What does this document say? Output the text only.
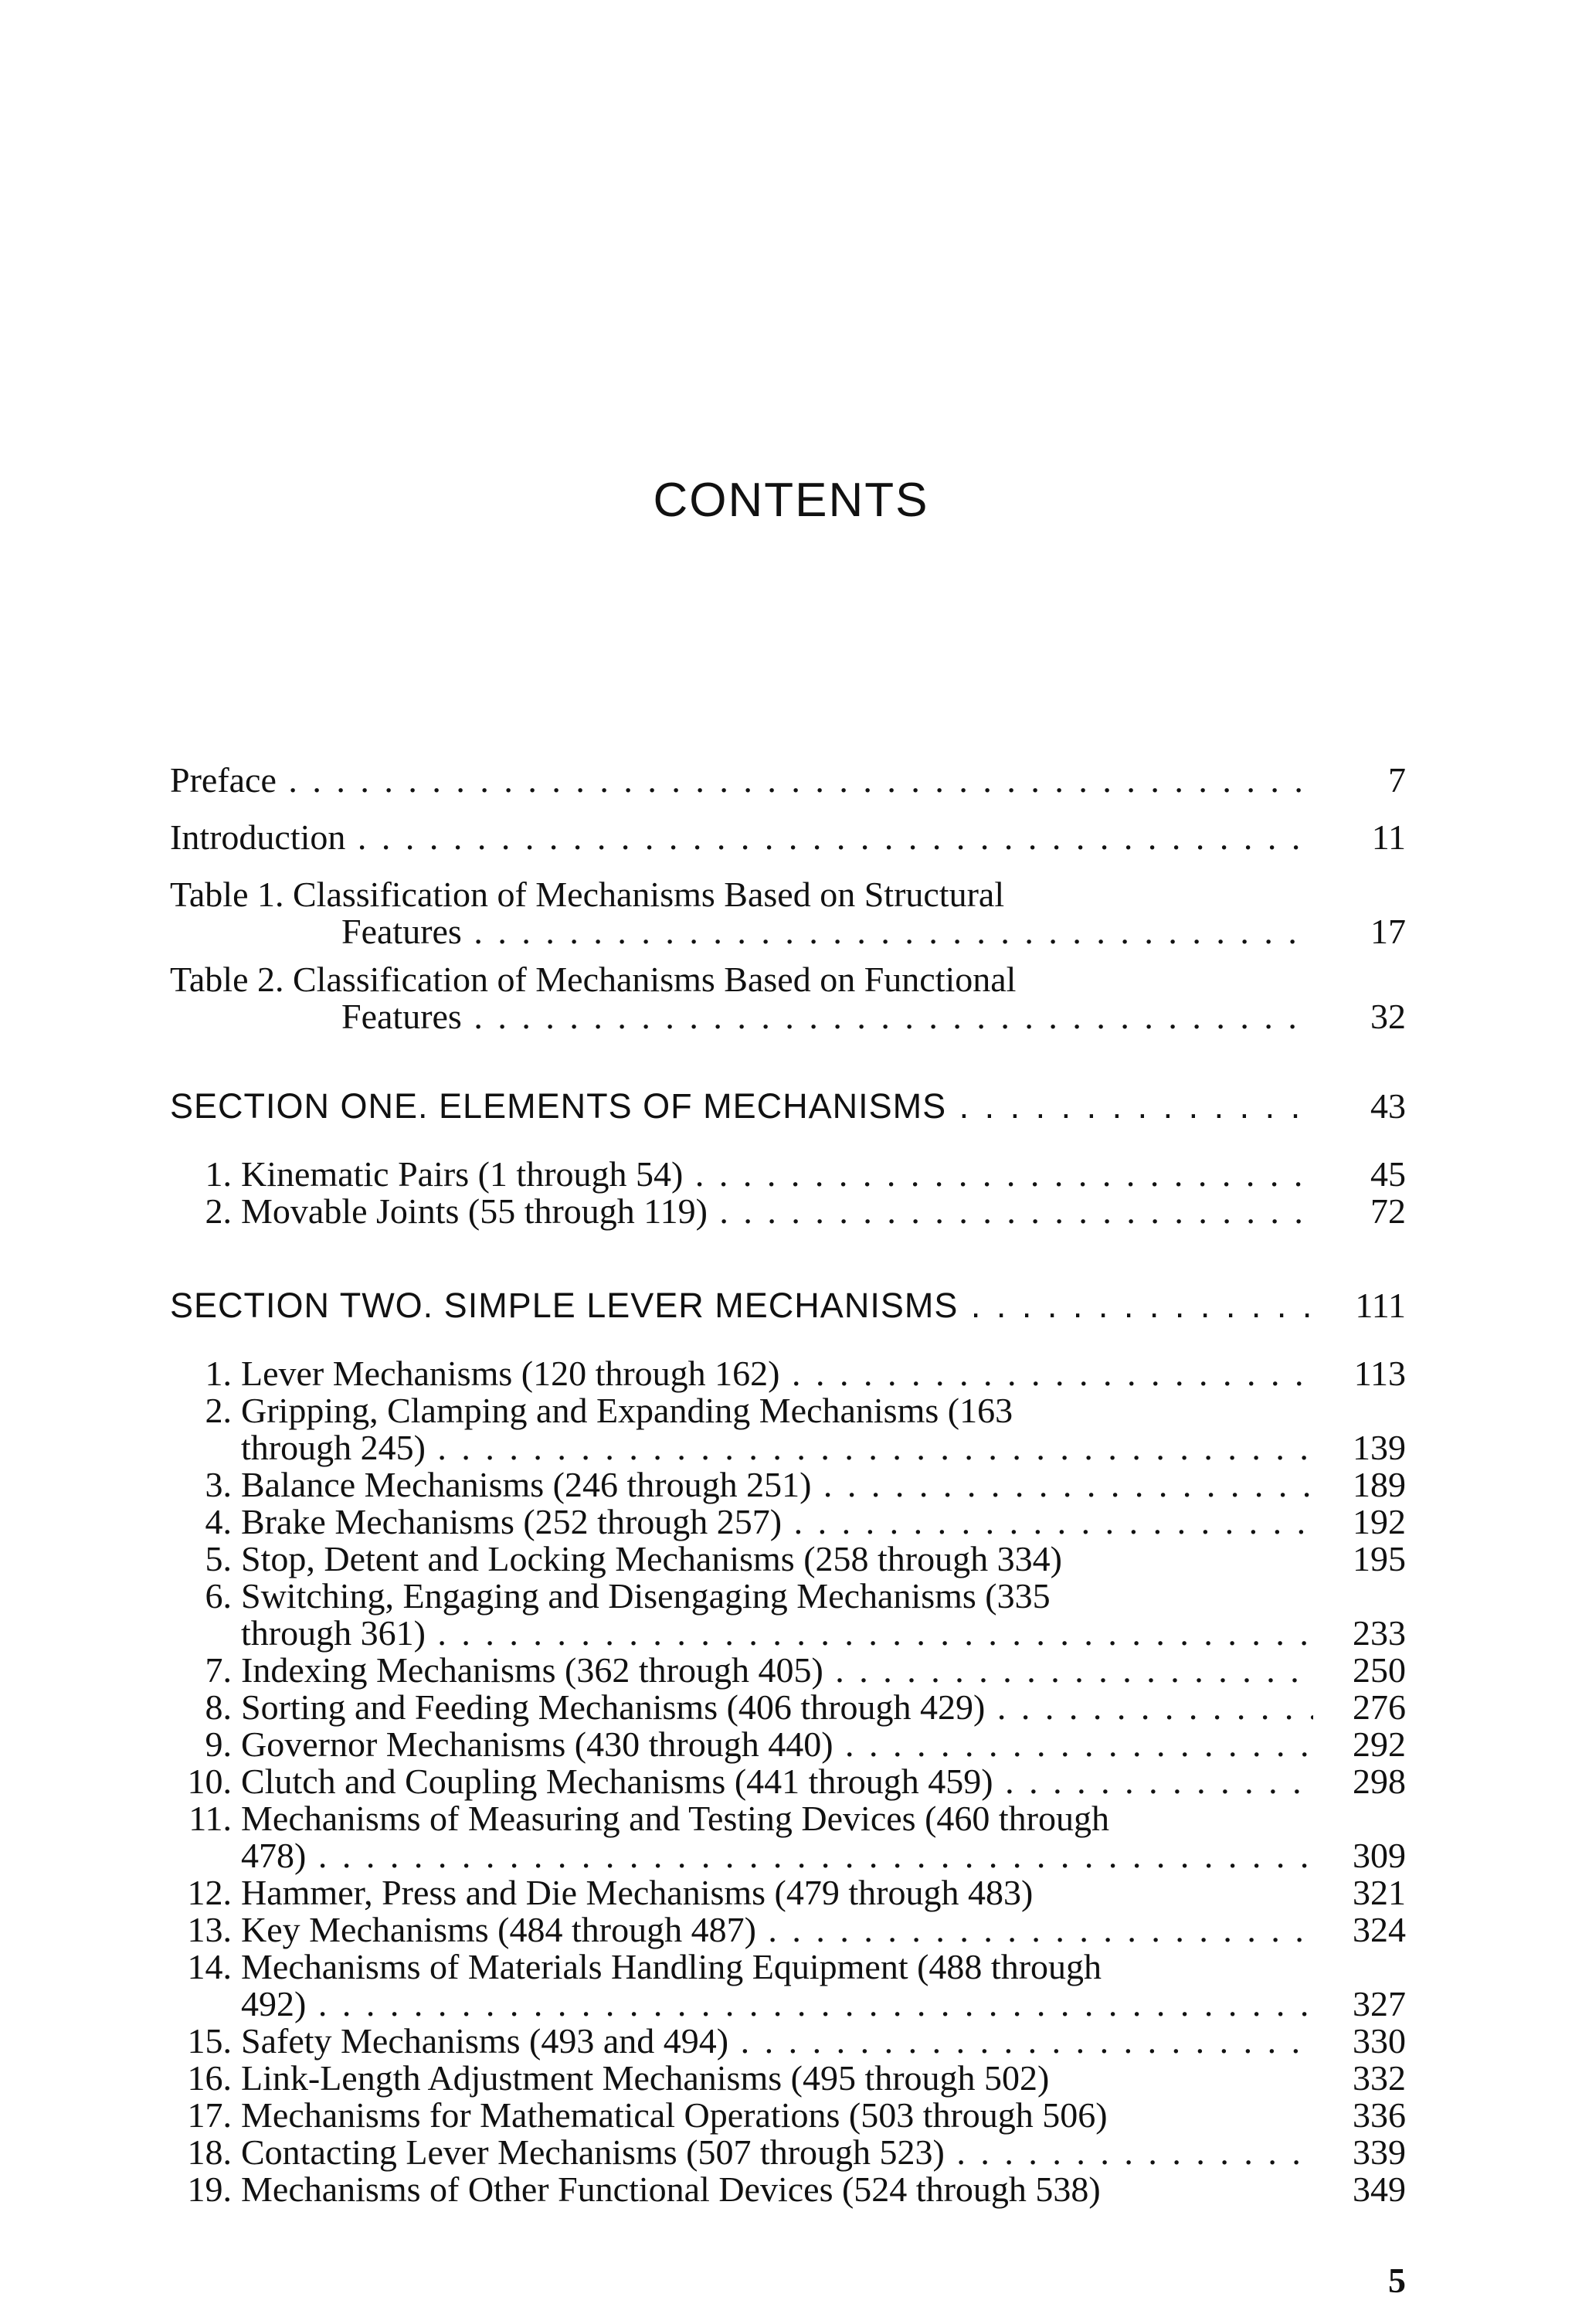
CONTENTS
Preface . . .	7
Introduction . . .	11
Table 1. Classification of Mechanisms Based on Structural
Features . . .	17
Table 2. Classification of Mechanisms Based on Functional
Features . . .	32
SECTION ONE. ELEMENTS OF MECHANISMS . . .	43
1. Kinematic Pairs (1 through 54) . . .	45
2. Movable Joints (55 through 119) . . .	72
SECTION TWO. SIMPLE LEVER MECHANISMS . . .	111
1. Lever Mechanisms (120 through 162) . . .	113
2. Gripping, Clamping and Expanding Mechanisms (163
through 245) . . .	139
3. Balance Mechanisms (246 through 251) . . .	189
4. Brake Mechanisms (252 through 257) . . .	192
5. Stop, Detent and Locking Mechanisms (258 through 334)	195
6. Switching, Engaging and Disengaging Mechanisms (335
through 361) . . .	233
7. Indexing Mechanisms (362 through 405) . . .	250
8. Sorting and Feeding Mechanisms (406 through 429) . . .	276
9. Governor Mechanisms (430 through 440) . . .	292
10. Clutch and Coupling Mechanisms (441 through 459) . . .	298
11. Mechanisms of Measuring and Testing Devices (460 through
478) . . .	309
12. Hammer, Press and Die Mechanisms (479 through 483)	321
13. Key Mechanisms (484 through 487) . . .	324
14. Mechanisms of Materials Handling Equipment (488 through
492) . . .	327
15. Safety Mechanisms (493 and 494) . . .	330
16. Link-Length Adjustment Mechanisms (495 through 502)	332
17. Mechanisms for Mathematical Operations (503 through 506)	336
18. Contacting Lever Mechanisms (507 through 523) . . .	339
19. Mechanisms of Other Functional Devices (524 through 538)	349
5
